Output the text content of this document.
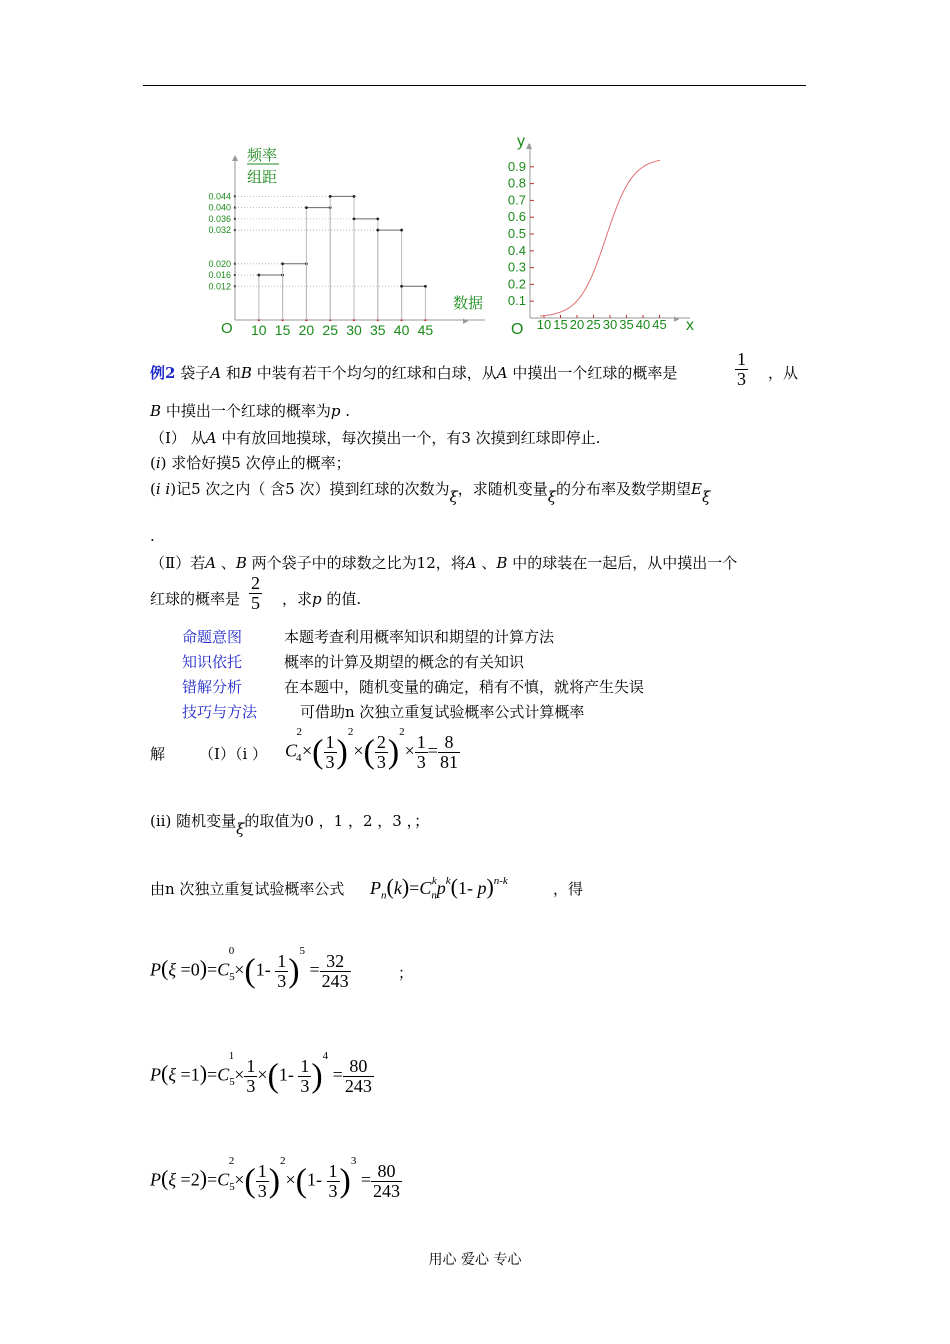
▲ 频率
组距
数据
▶
O 10 15 20 25 30 35 40 45
0.044
0.040
0.036
0.032
0.020
0.016
0.012
▲
y
x
▶
O
0.9
0.8
0.7
0.6
0.5
0.4
0.3
0.2
0.1
10 15 20 25 30 35 40 45
例2 袋子A 和B 中装有若干个均匀的红球和白球，从A 中摸出一个红球的概率是	$\frac{1}{3}$ ，从
B 中摸出一个红球的概率为p .
（Ⅰ） 从A 中有放回地摸球，每次摸出一个，有3 次摸到红球即停止.
(i) 求恰好摸5 次停止的概率；
(i i)记5 次之内（ 含5 次）摸到红球的次数为ξ，求随机变量ξ的分布率及数学期望Eξ
.
（Ⅱ）若A 、B 两个袋子中的球数之比为12，将A 、B 中的球装在一起后，从中摸出一个
红球的概率是 $\frac{2}{5}$ ，求p 的值.
命题意图	本题考查利用概率知识和期望的计算方法
知识依托	概率的计算及期望的概念的有关知识
错解分析	在本题中，随机变量的确定，稍有不慎，就将产生失误
技巧与方法	可借助n 次独立重复试验概率公式计算概率
解 （Ⅰ）（i ） $C_4^2\times( \frac{1}{3} )^2\times( \frac{2}{3} )^2\times \frac{1}{3} = \frac{8}{81}$
(ii) 随机变量ξ的取值为0 ，1 ，2 ，3 ，；
由n 次独立重复试验概率公式 $P_n(k)=C_n^kp^k(1-$ p)$^{n-k}$	，得
$P(\xi =0)=C_5^0\times(1- \frac{1}{3} )^5 = \frac{32}{243}$	；
$P(\xi =1)=C_5^1\times \frac{1}{3} \times(1- \frac{1}{3} )^4 = \frac{80}{243}$
$P(\xi =2)=C_5^2\times( \frac{1}{3} )^2\times(1- \frac{1}{3} )^3 = \frac{80}{243}$
用心 爱心 专心
